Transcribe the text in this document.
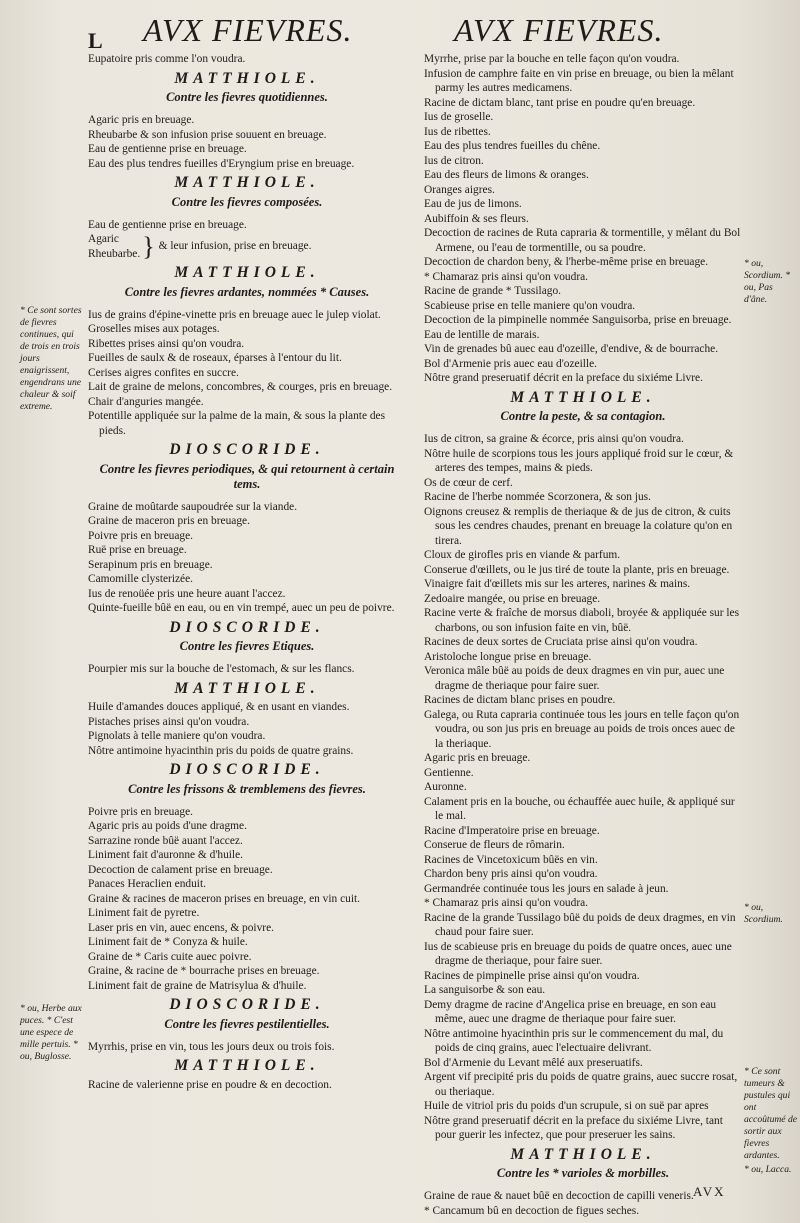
L AVX FIEVRES.
Eupatoire pris comme l'on voudra.
MATTHIOLE.
Contre les fievres quotidiennes.
Agaric pris en breuage.
Rheubarbe & son infusion prise souuent en breuage.
Eau de gentienne prise en breuage.
Eau des plus tendres fueilles d'Eryngium prise en breuage.
MATTHIOLE.
Contre les fievres composées.
Eau de gentienne prise en breuage.
Agaric
Rheubarbe. } & leur infusion, prise en breuage.
MATTHIOLE.
Contre les fievres ardantes, nommées * Causes.
Ius de grains d'épine-vinette pris en breuage auec le julep violat.
Groselles mises aux potages.
Ribettes prises ainsi qu'on voudra.
Fueilles de saulx & de roseaux, éparses à l'entour du lit.
Cerises aigres confites en succre.
Lait de graine de melons, concombres, & courges, pris en breuage.
Chair d'anguries mangée.
Potentille appliquée sur la palme de la main, & sous la plante des pieds.
DIOSCORIDE.
Contre les fievres periodiques, & qui retournent à certain tems.
Graine de moûtarde saupoudrée sur la viande.
Graine de maceron pris en breuage.
Poivre pris en breuage.
Ruë prise en breuage.
Serapinum pris en breuage.
Camomille clysterizée.
Ius de renoüée pris une heure auant l'accez.
Quinte-fueille bûë en eau, ou en vin trempé, auec un peu de poivre.
DIOSCORIDE.
Contre les fievres Etiques.
Pourpier mis sur la bouche de l'estomach, & sur les flancs.
MATTHIOLE.
Huile d'amandes douces appliqué, & en usant en viandes.
Pistaches prises ainsi qu'on voudra.
Pignolats à telle maniere qu'on voudra.
Nôtre antimoine hyacinthin pris du poids de quatre grains.
DIOSCORIDE.
Contre les frissons & tremblemens des fievres.
Poivre pris en breuage.
Agaric pris au poids d'une dragme.
Sarrazine ronde bûë auant l'accez.
Liniment fait d'auronne & d'huile.
Decoction de calament prise en breuage.
Panaces Heraclien enduit.
Graine & racines de maceron prises en breuage, en vin cuit.
Liniment fait de pyretre.
Laser pris en vin, auec encens, & poivre.
Liniment fait de * Conyza & huile.
Graine de * Caris cuite auec poivre.
Graine, & racine de * bourrache prises en breuage.
Liniment fait de graine de Matrisylua & d'huile.
DIOSCORIDE.
Contre les fievres pestilentielles.
Myrrhis, prise en vin, tous les jours deux ou trois fois.
MATTHIOLE.
Racine de valerienne prise en poudre & en decoction.
AVX FIEVRES.
Myrrhe, prise par la bouche en telle façon qu'on voudra.
Infusion de camphre faite en vin prise en breuage, ou bien la mêlant parmy les autres medicamens.
Racine de dictam blanc, tant prise en poudre qu'en breuage.
Ius de groselle.
Ius de ribettes.
Eau des plus tendres fueilles du chêne.
Ius de citron.
Eau des fleurs de limons & oranges.
Oranges aigres.
Eau de jus de limons.
Aubiffoin & ses fleurs.
Decoction de racines de Ruta capraria & tormentille, y mêlant du Bol Armene, ou l'eau de tormentille, ou sa poudre.
Decoction de chardon beny, & l'herbe-même prise en breuage.
* Chamaraz pris ainsi qu'on voudra.
Racine de grande * Tussilago.
Scabieuse prise en telle maniere qu'on voudra.
Decoction de la pimpinelle nommée Sanguisorba, prise en breuage.
Eau de lentille de marais.
Vin de grenades bû auec eau d'ozeille, d'endive, & de bourrache.
Bol d'Armenie pris auec eau d'ozeille.
Nôtre grand preseruatif décrit en la preface du sixiéme Livre.
MATTHIOLE.
Contre la peste, & sa contagion.
Ius de citron, sa graine & écorce, pris ainsi qu'on voudra.
Nôtre huile de scorpions tous les jours appliqué froid sur le cœur, & arteres des tempes, mains & pieds.
Os de cœur de cerf.
Racine de l'herbe nommée Scorzonera, & son jus.
Oignons creusez & remplis de theriaque & de jus de citron, & cuits sous les cendres chaudes, prenant en breuage la colature qu'on en tirera.
Cloux de girofles pris en viande & parfum.
Conserue d'œillets, ou le jus tiré de toute la plante, pris en breuage.
Vinaigre fait d'œillets mis sur les arteres, narines & mains.
Zedoaire mangée, ou prise en breuage.
Racine verte & fraîche de morsus diaboli, broyée & appliquée sur les charbons, ou son infusion faite en vin, bûë.
Racines de deux sortes de Cruciata prise ainsi qu'on voudra.
Aristoloche longue prise en breuage.
Veronica mâle bûë au poids de deux dragmes en vin pur, auec une dragme de theriaque pour faire suer.
Racines de dictam blanc prises en poudre.
Galega, ou Ruta capraria continuée tous les jours en telle façon qu'on voudra, ou son jus pris en breuage au poids de trois onces auec de la theriaque.
Agaric pris en breuage.
Gentienne.
Auronne.
Calament pris en la bouche, ou échauffée auec huile, & appliqué sur le mal.
Racine d'Imperatoire prise en breuage.
Conserue de fleurs de rômarin.
Racines de Vincetoxicum bûës en vin.
Chardon beny pris ainsi qu'on voudra.
Germandrée continuée tous les jours en salade à jeun.
* Chamaraz pris ainsi qu'on voudra.
Racine de la grande Tussilago bûë du poids de deux dragmes, en vin chaud pour faire suer.
Ius de scabieuse pris en breuage du poids de quatre onces, auec une dragme de theriaque, pour faire suer.
Racines de pimpinelle prise ainsi qu'on voudra.
La sanguisorbe & son eau.
Demy dragme de racine d'Angelica prise en breuage, en son eau même, auec une dragme de theriaque pour faire suer.
Nôtre antimoine hyacinthin pris sur le commencement du mal, du poids de cinq grains, auec l'electuaire delivrant.
Bol d'Armenie du Levant mêlé aux preseruatifs.
Argent vif precipité pris du poids de quatre grains, auec succre rosat, ou theriaque.
Huile de vitriol pris du poids d'un scrupule, si on suë par apres
Nôtre grand preseruatif décrit en la preface du sixiéme Livre, tant pour guerir les infectez, que pour preseruer les sains.
MATTHIOLE.
Contre les * varioles & morbilles.
Graine de raue & nauet bûë en decoction de capilli veneris.
* Cancamum bû en decoction de figues seches.
* Ce sont sortes de fievres continues, qui de trois en trois jours enaigrissent, engendrans une chaleur & soif extreme.
* ou, Herbe aux puces. * C'est une espece de mille pertuis. * ou, Buglosse.
* ou, Scordium. * ou, Pas d'âne.
* ou, Scordium.
* Ce sont tumeurs & pustules qui ont accoûtumé de sortir aux fievres ardantes.
* ou, Lacca.
AVX
